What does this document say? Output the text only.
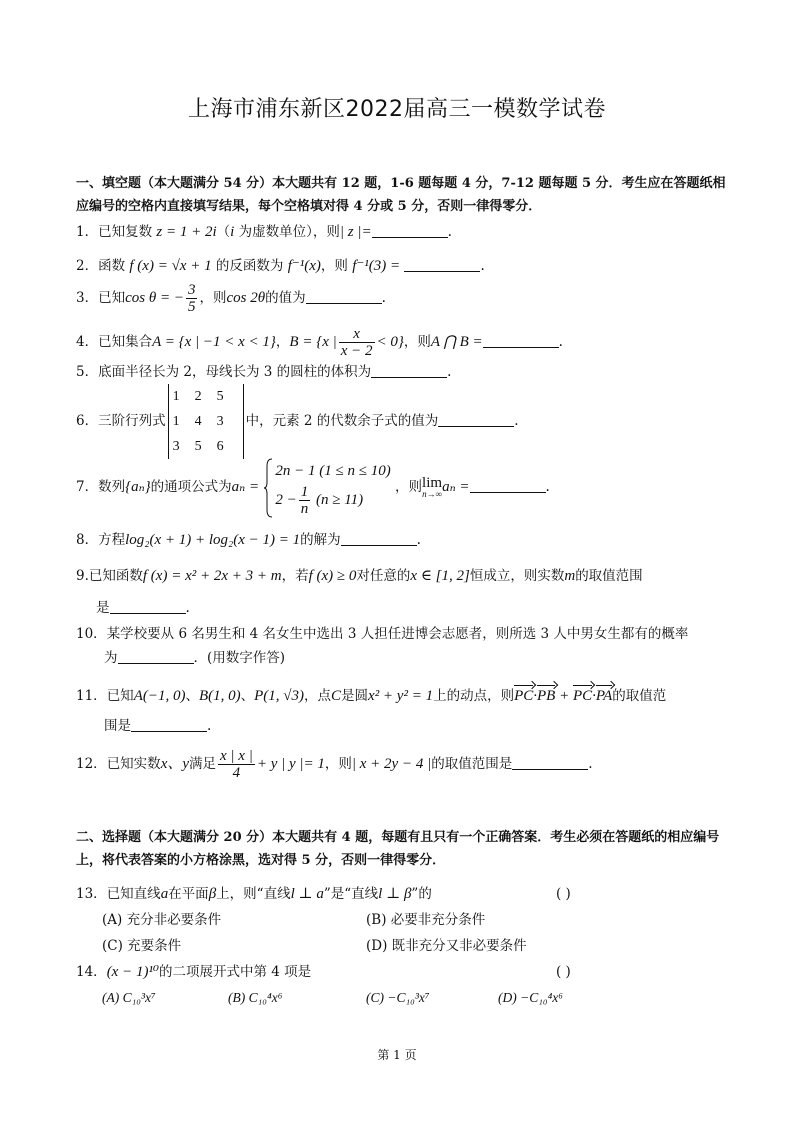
上海市浦东新区2022届高三一模数学试卷
一、填空题（本大题满分 54 分）本大题共有 12 题，1-6 题每题 4 分，7-12 题每题 5 分．考生应在答题纸相应编号的空格内直接填写结果，每个空格填对得 4 分或 5 分，否则一律得零分．
1．已知复数 z = 1 + 2i（i 为虚数单位），则| z |=	.
2．函数 f (x) = √x + 1 的反函数为 f⁻¹(x)，则 f⁻¹(3) =	.
3．已知cos θ = − $\frac{3}{5}$ ，则cos 2θ的值为	.
4．已知集合A = {x | −1 < x < 1}，B = {x | $\frac{x}{x - 2} < 0$}，则A ⋂ B =	.
5．底面半径长为 2，母线长为 3 的圆柱的体积为	.
6．三阶行列式
1 2 5
1 4 3
3 5 6
中，元素 2 的代数余子式的值为	.
7．数列{aₙ}的通项公式为aₙ =
2n − 1 (1 ≤ n ≤ 10)
$2 - \frac{1}{n} (n \ge 11)$
，则 lim
n→∞ aₙ =	.
8．方程log₂(x + 1) + log₂(x − 1) = 1的解为	.
9.已知函数f (x) = x² + 2x + 3 + m，若f (x) ≥ 0对任意的x ∈ [1, 2]恒成立，则实数m的取值范围
是	.
10．某学校要从 6 名男生和 4 名女生中选出 3 人担任进博会志愿者，则所选 3 人中男女生都有的概率
为	．(用数字作答)
11．已知A(−1, 0)、B(1, 0)、P(1, √3)，点C是圆x² + y² = 1上的动点，则PC·PB + PC·PA的取值范
围是	.
12．已知实数x、y满足 $\frac{x | x |}{4} + y$ | y |= 1，则| x + 2y − 4 |的取值范围是	.
二、选择题（本大题满分 20 分）本大题共有 4 题，每题有且只有一个正确答案．考生必须在答题纸的相应编号上，将代表答案的小方格涂黑，选对得 5 分，否则一律得零分．
13．已知直线a在平面β上，则“直线l ⊥ a”是“直线l ⊥ β”的	( )
(A) 充分非必要条件	(B) 必要非充分条件
(C) 充要条件	(D) 既非充分又非必要条件
14．(x − 1)¹⁰的二项展开式中第 4 项是	( )
(A) C₁₀³x⁷	(B) C₁₀⁴x⁶	(C) −C₁₀³x⁷	(D) −C₁₀⁴x⁶
第 1 页
